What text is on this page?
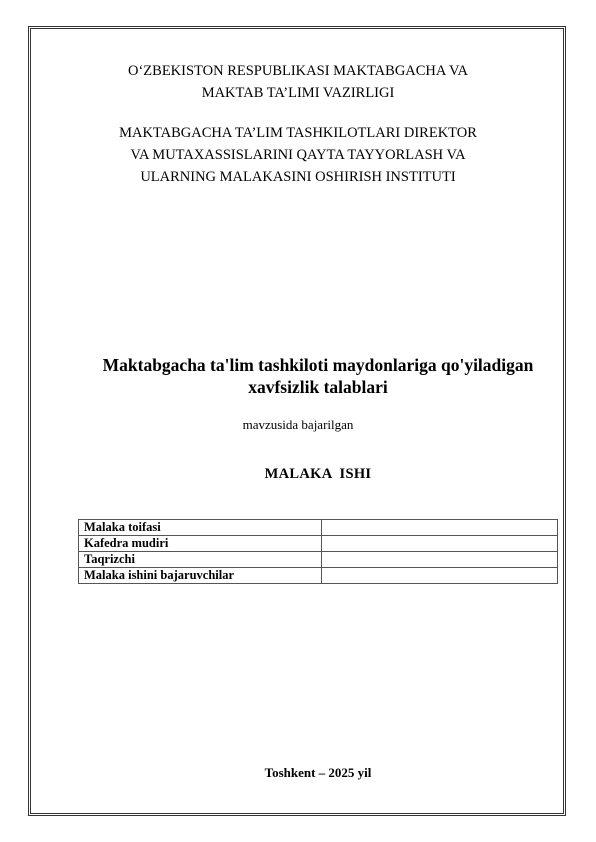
O‘ZBEKISTON RESPUBLIKASI MAKTABGACHA VA
MAKTAB TA’LIMI VAZIRLIGI
MAKTABGACHA TA’LIM TASHKILOTLARI DIREKTOR
VA MUTAXASSISLARINI QAYTA TAYYORLASH VA
ULARNING MALAKASINI OSHIRISH INSTITUTI
Maktabgacha ta'lim tashkiloti maydonlariga qo'yiladigan
xavfsizlik talablari
mavzusida bajarilgan
MALAKA  ISHI
Malaka toifasi	
Kafedra mudiri	
Taqrizchi	
Malaka ishini bajaruvchilar	
Toshkent – 2025 yil
